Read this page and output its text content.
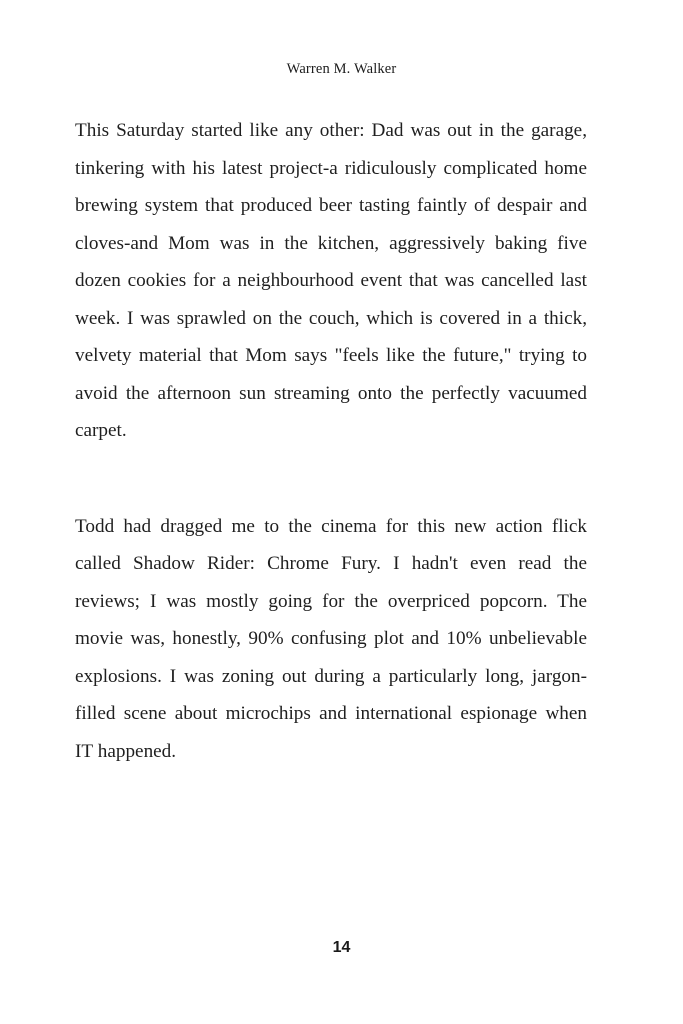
Warren M. Walker

This Saturday started like any other: Dad was out in the garage, tinkering with his latest project-a ridiculously complicated home brewing system that produced beer tasting faintly of despair and cloves-and Mom was in the kitchen, aggressively baking five dozen cookies for a neighbourhood event that was cancelled last week. I was sprawled on the couch, which is covered in a thick, velvety material that Mom says "feels like the future," trying to avoid the afternoon sun streaming onto the perfectly vacuumed carpet.

Todd had dragged me to the cinema for this new action flick called Shadow Rider: Chrome Fury. I hadn't even read the reviews; I was mostly going for the overpriced popcorn. The movie was, honestly, 90% confusing plot and 10% unbelievable explosions. I was zoning out during a particularly long, jargon-filled scene about microchips and international espionage when IT happened.

14
